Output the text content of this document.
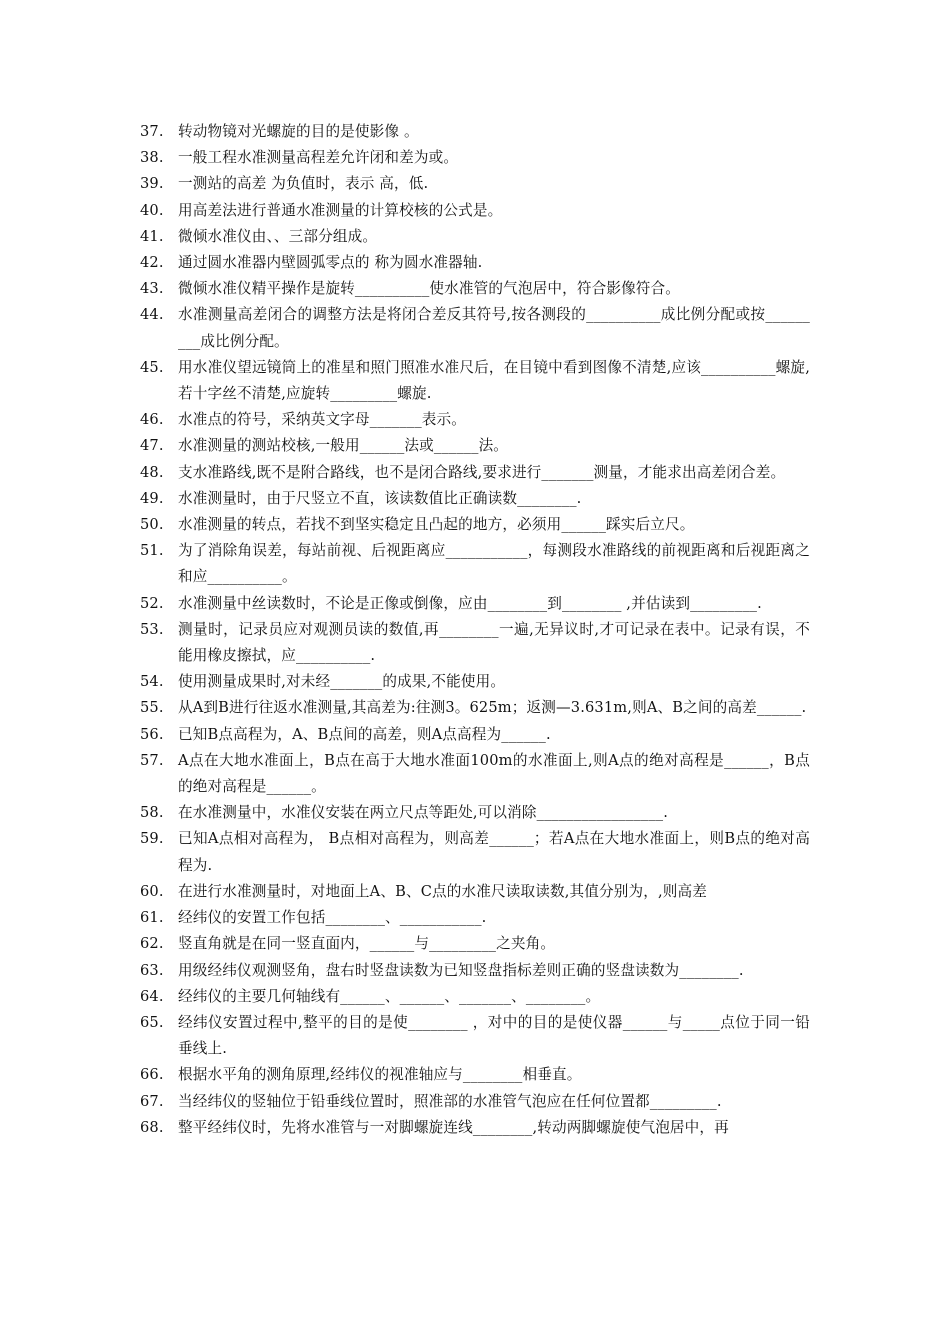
37. 转动物镜对光螺旋的目的是使影像 。
38. 一般工程水准测量高程差允许闭和差为或。
39. 一测站的高差 为负值时，表示 高，低.
40. 用高差法进行普通水准测量的计算校核的公式是。
41. 微倾水准仪由、、三部分组成。
42. 通过圆水准器内壁圆弧零点的 称为圆水准器轴.
43. 微倾水准仪精平操作是旋转__________使水准管的气泡居中，符合影像符合。
44. 水准测量高差闭合的调整方法是将闭合差反其符号,按各测段的__________成比例分配或按_________成比例分配。
45. 用水准仪望远镜筒上的准星和照门照准水准尺后，在目镜中看到图像不清楚,应该__________螺旋,若十字丝不清楚,应旋转_________螺旋.
46. 水准点的符号，采纳英文字母_______表示。
47. 水准测量的测站校核,一般用______法或______法。
48. 支水准路线,既不是附合路线，也不是闭合路线,要求进行_______测量，才能求出高差闭合差。
49. 水准测量时，由于尺竖立不直，该读数值比正确读数________.
50. 水准测量的转点，若找不到坚实稳定且凸起的地方，必须用______踩实后立尺。
51. 为了消除角误差，每站前视、后视距离应___________，每测段水准路线的前视距离和后视距离之和应__________。
52. 水准测量中丝读数时，不论是正像或倒像，应由________到________ ,并估读到_________.
53. 测量时，记录员应对观测员读的数值,再________一遍,无异议时,才可记录在表中。记录有误，不能用橡皮擦拭，应__________.
54. 使用测量成果时,对未经_______的成果,不能使用。
55. 从A到B进行往返水准测量,其高差为:往测3。625m；返测—3.631m,则A、B之间的高差______.
56. 已知B点高程为，A、B点间的高差，则A点高程为______.
57. A点在大地水准面上，B点在高于大地水准面100m的水准面上,则A点的绝对高程是______，B点的绝对高程是______。
58. 在水准测量中，水准仪安装在两立尺点等距处,可以消除_________________.
59. 已知A点相对高程为， B点相对高程为，则高差______；若A点在大地水准面上，则B点的绝对高程为.
60. 在进行水准测量时，对地面上A、B、C点的水准尺读取读数,其值分别为，,则高差
61. 经纬仪的安置工作包括________、___________.
62. 竖直角就是在同一竖直面内，______与_________之夹角。
63. 用级经纬仪观测竖角，盘右时竖盘读数为已知竖盘指标差则正确的竖盘读数为________.
64. 经纬仪的主要几何轴线有______、______、_______、________。
65. 经纬仪安置过程中,整平的目的是使________ ，对中的目的是使仪器______与_____点位于同一铅垂线上.
66. 根据水平角的测角原理,经纬仪的视准轴应与________相垂直。
67. 当经纬仪的竖轴位于铅垂线位置时，照准部的水准管气泡应在任何位置都_________.
68. 整平经纬仪时，先将水准管与一对脚螺旋连线________,转动两脚螺旋使气泡居中，再
